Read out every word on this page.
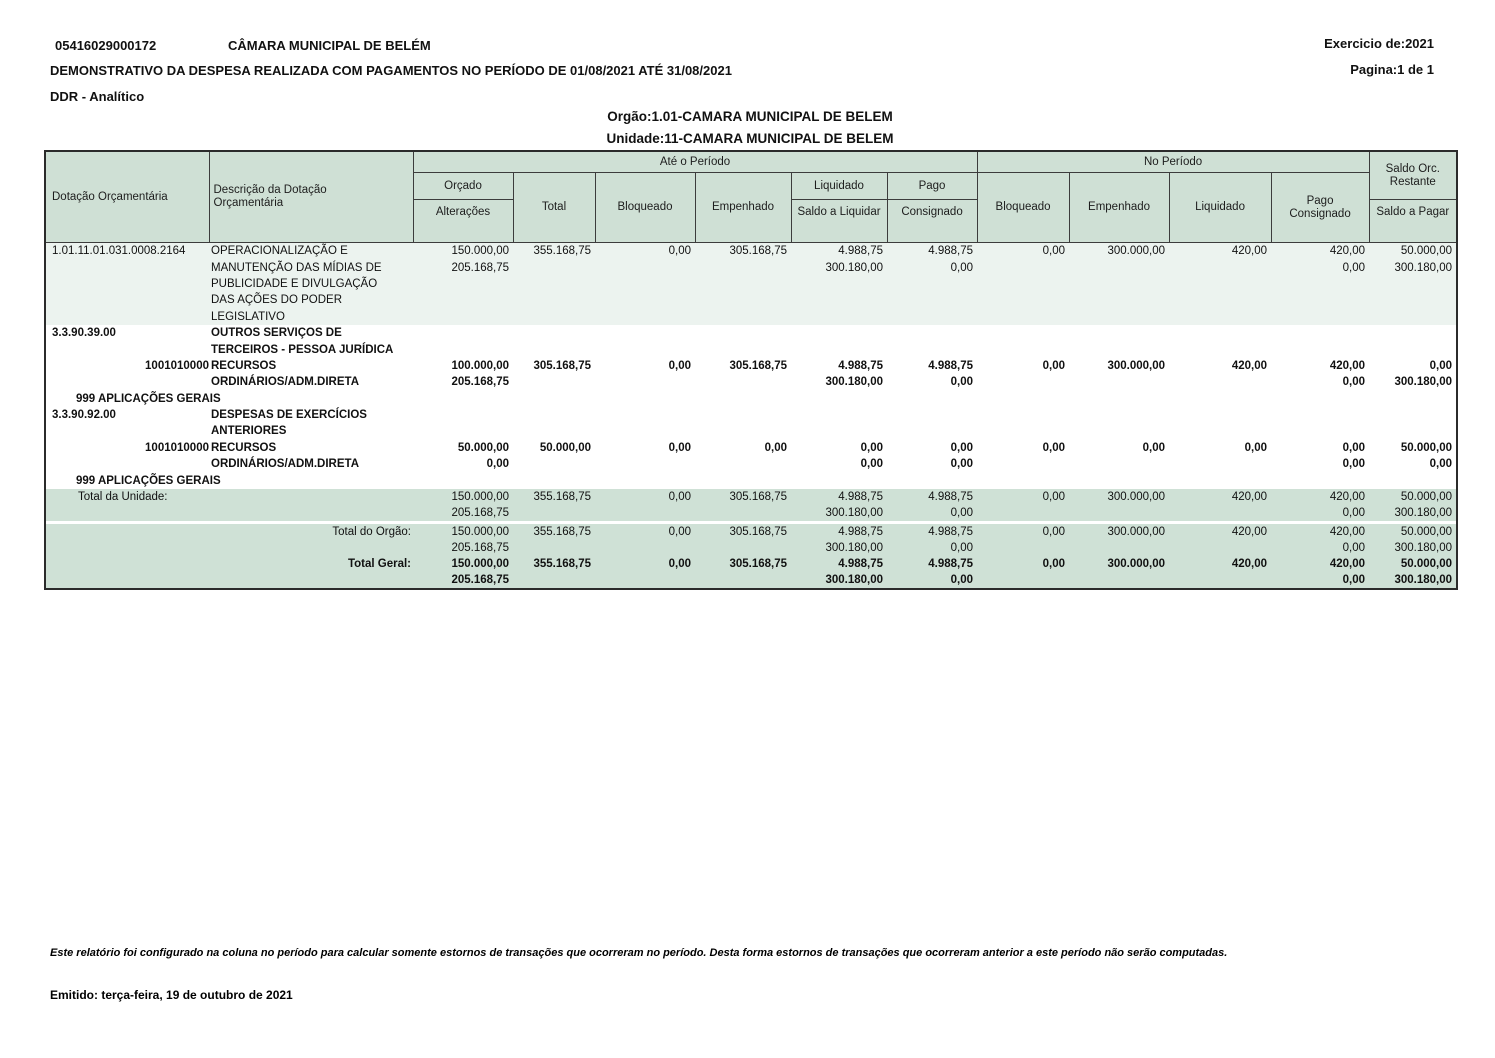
05416029000172	CÂMARA MUNICIPAL DE BELÉM	Exercicio de:2021
DEMONSTRATIVO DA DESPESA REALIZADA COM PAGAMENTOS NO PERÍODO DE 01/08/2021 ATÉ 31/08/2021	Pagina:1 de 1
DDR - Analítico
Orgão:1.01-CAMARA MUNICIPAL DE BELEM
Unidade:11-CAMARA MUNICIPAL DE BELEM
Dotação Orçamentária	Descrição da Dotação
Orçamentária	Até o Período						No Período				Saldo Orc.
Restante
		Orçado	Total	Bloqueado	Empenhado	Liquidado	Pago	Bloqueado	Empenhado	Liquidado	Pago
Consignado	
		Alterações				Saldo a Liquidar	Consignado					Saldo a Pagar
1.01.11.01.031.0008.2164	OPERACIONALIZAÇÃO E	150.000,00	355.168,75	0,00	305.168,75	4.988,75	4.988,75	0,00	300.000,00	420,00	420,00	50.000,00
	MANUTENÇÃO DAS MÍDIAS DE	205.168,75				300.180,00	0,00				0,00	300.180,00
	PUBLICIDADE E DIVULGAÇÃO											
	DAS AÇÕES DO PODER											
	LEGISLATIVO											
3.3.90.39.00	OUTROS SERVIÇOS DE											
	TERCEIROS - PESSOA JURÍDICA											
1001010000	RECURSOS	100.000,00	305.168,75	0,00	305.168,75	4.988,75	4.988,75	0,00	300.000,00	420,00	420,00	0,00
	ORDINÁRIOS/ADM.DIRETA	205.168,75				300.180,00	0,00				0,00	300.180,00
999 APLICAÇÕES GERAIS												
3.3.90.92.00	DESPESAS DE EXERCÍCIOS											
	ANTERIORES											
1001010000	RECURSOS	50.000,00	50.000,00	0,00	0,00	0,00	0,00	0,00	0,00	0,00	0,00	50.000,00
	ORDINÁRIOS/ADM.DIRETA	0,00				0,00	0,00				0,00	0,00
999 APLICAÇÕES GERAIS												
Total da Unidade:		150.000,00	355.168,75	0,00	305.168,75	4.988,75	4.988,75	0,00	300.000,00	420,00	420,00	50.000,00
		205.168,75				300.180,00	0,00				0,00	300.180,00

Total do Orgão:		150.000,00	355.168,75	0,00	305.168,75	4.988,75	4.988,75	0,00	300.000,00	420,00	420,00	50.000,00
		205.168,75				300.180,00	0,00				0,00	300.180,00
Total Geral:		150.000,00	355.168,75	0,00	305.168,75	4.988,75	4.988,75	0,00	300.000,00	420,00	420,00	50.000,00
		205.168,75				300.180,00	0,00				0,00	300.180,00
Este relatório foi configurado na coluna no período para calcular somente estornos de transações que ocorreram no período. Desta forma estornos de transações que ocorreram anterior a este período não serão computadas.
Emitido: terça-feira, 19 de outubro de 2021
